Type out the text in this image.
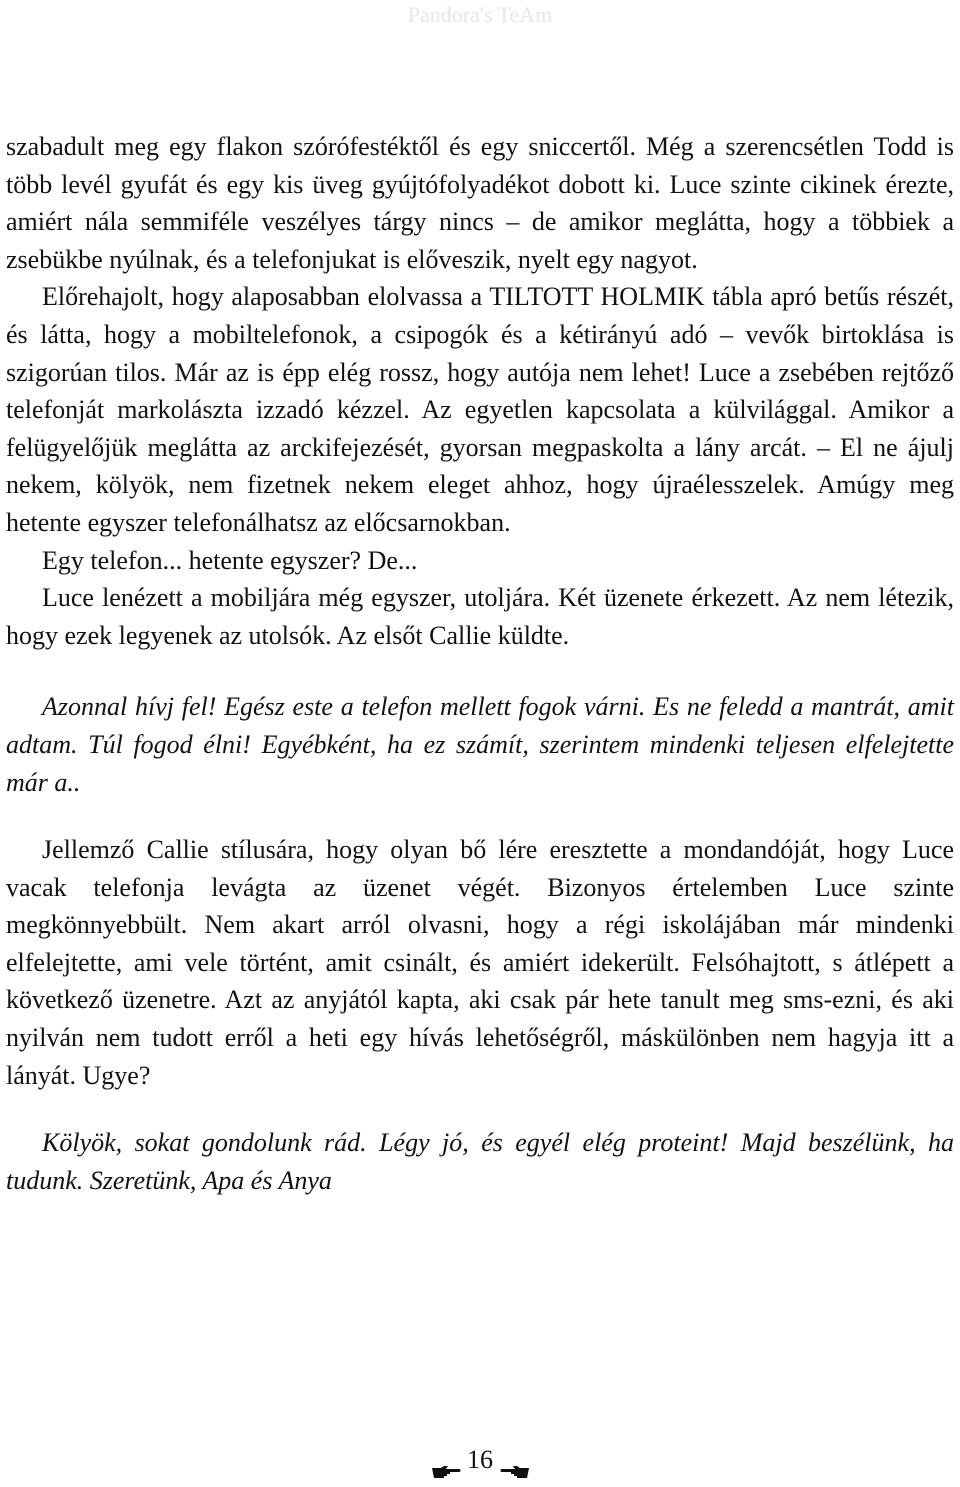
Pandora's TeAm

szabadult meg egy flakon szórófestéktől és egy sniccertől. Még a szerencsétlen Todd is több levél gyufát és egy kis üveg gyújtófolyadékot dobott ki. Luce szinte cikinek érezte, amiért nála semmiféle veszélyes tárgy nincs – de amikor meglátta, hogy a többiek a zsebükbe nyúlnak, és a telefonjukat is előveszik, nyelt egy nagyot.

Előrehajolt, hogy alaposabban elolvassa a TILTOTT HOLMIK tábla apró betűs részét, és látta, hogy a mobiltelefonok, a csipogók és a kétirányú adó – vevők birtoklása is szigorúan tilos. Már az is épp elég rossz, hogy autója nem lehet! Luce a zsebében rejtőző telefonját markolászta izzadó kézzel. Az egyetlen kapcsolata a külvilággal. Amikor a felügyelőjük meglátta az arckifejezését, gyorsan megpaskolta a lány arcát. – El ne ájulj nekem, kölyök, nem fizetnek nekem eleget ahhoz, hogy újraélesszelek. Amúgy meg hetente egyszer telefonálhatsz az előcsarnokban.

Egy telefon... hetente egyszer? De...

Luce lenézett a mobiljára még egyszer, utoljára. Két üzenete érkezett. Az nem létezik, hogy ezek legyenek az utolsók. Az elsőt Callie küldte.

Azonnal hívj fel! Egész este a telefon mellett fogok várni. Es ne feledd a mantrát, amit adtam. Túl fogod élni! Egyébként, ha ez számít, szerintem mindenki teljesen elfelejtette már a..

Jellemző Callie stílusára, hogy olyan bő lére eresztette a mondandóját, hogy Luce vacak telefonja levágta az üzenet végét. Bizonyos értelemben Luce szinte megkönnyebbült. Nem akart arról olvasni, hogy a régi iskolájában már mindenki elfelejtette, ami vele történt, amit csinált, és amiért idekerült. Felsóhajtott, s átlépett a következő üzenetre. Azt az anyjától kapta, aki csak pár hete tanult meg sms-ezni, és aki nyilván nem tudott erről a heti egy hívás lehetőségről, máskülönben nem hagyja itt a lányát. Ugye?

Kölyök, sokat gondolunk rád. Légy jó, és egyél elég proteint! Majd beszélünk, ha tudunk. Szeretünk, Apa és Anya

16
